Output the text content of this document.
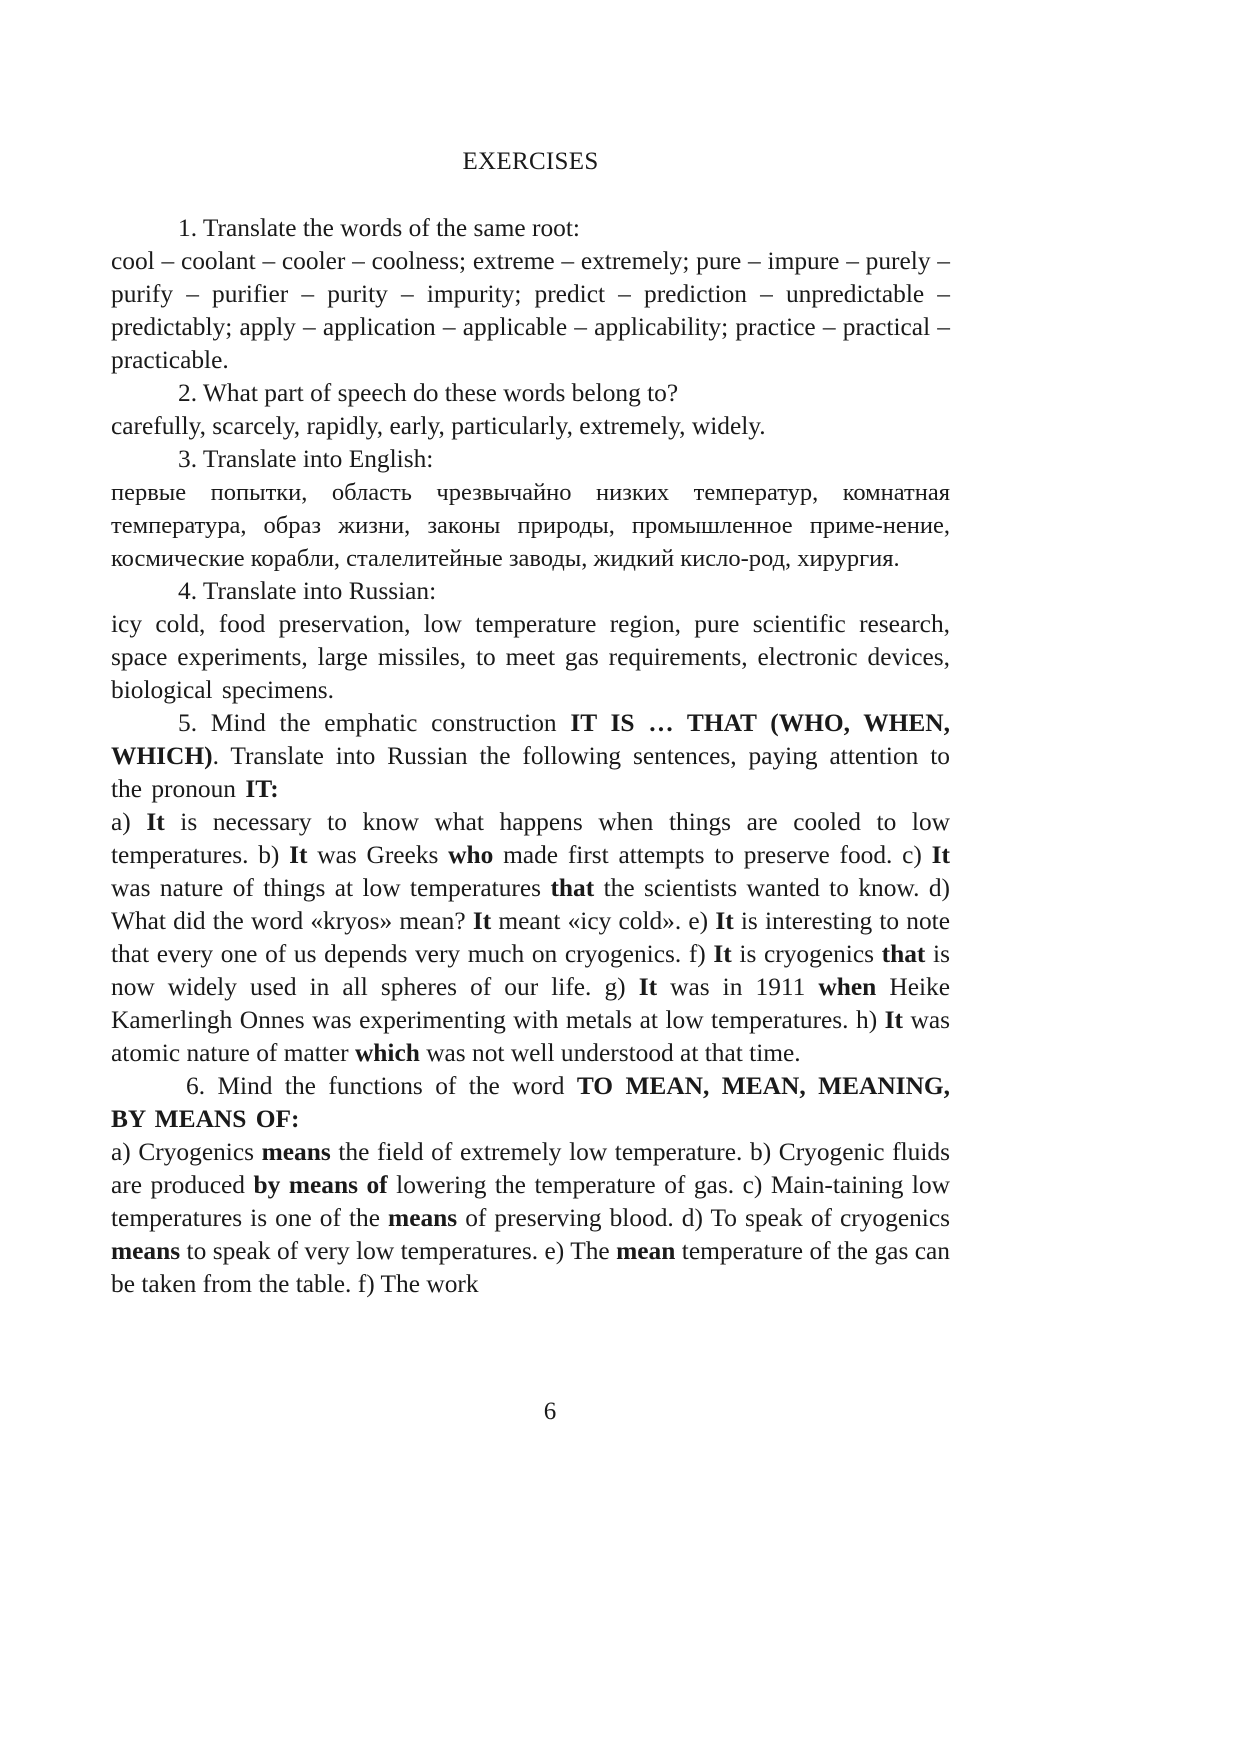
EXERCISES

1. Translate the words of the same root:

cool – coolant – cooler – coolness; extreme – extremely; pure – impure – purely – purify – purifier – purity – impurity; predict – prediction – unpredictable – predictably; apply – application – applicable – applicability; practice – practical – practicable.

2. What part of speech do these words belong to?

carefully, scarcely, rapidly, early, particularly, extremely, widely.

3. Translate into English:

первые попытки, область чрезвычайно низких температур, комнатная температура, образ жизни, законы природы, промышленное приме-нение, космические корабли, сталелитейные заводы, жидкий кисло-род, хирургия.

4. Translate into Russian:

icy cold, food preservation, low temperature region, pure scientific research, space experiments, large missiles, to meet gas requirements, electronic devices, biological specimens.

5. Mind the emphatic construction IT IS … THAT (WHO, WHEN, WHICH). Translate into Russian the following sentences, paying attention to the pronoun IT:

a) It is necessary to know what happens when things are cooled to low temperatures. b) It was Greeks who made first attempts to preserve food. c) It was nature of things at low temperatures that the scientists wanted to know. d) What did the word «kryos» mean? It meant «icy cold». e) It is interesting to note that every one of us depends very much on cryogenics. f) It is cryogenics that is now widely used in all spheres of our life. g) It was in 1911 when Heike Kamerlingh Onnes was experimenting with metals at low temperatures. h) It was atomic nature of matter which was not well understood at that time.

6. Mind the functions of the word TO MEAN, MEAN, MEANING, BY MEANS OF:

a) Cryogenics means the field of extremely low temperature. b) Cryogenic fluids are produced by means of lowering the temperature of gas. c) Main-taining low temperatures is one of the means of preserving blood. d) To speak of cryogenics means to speak of very low temperatures. e) The mean temperature of the gas can be taken from the table. f) The work

6
